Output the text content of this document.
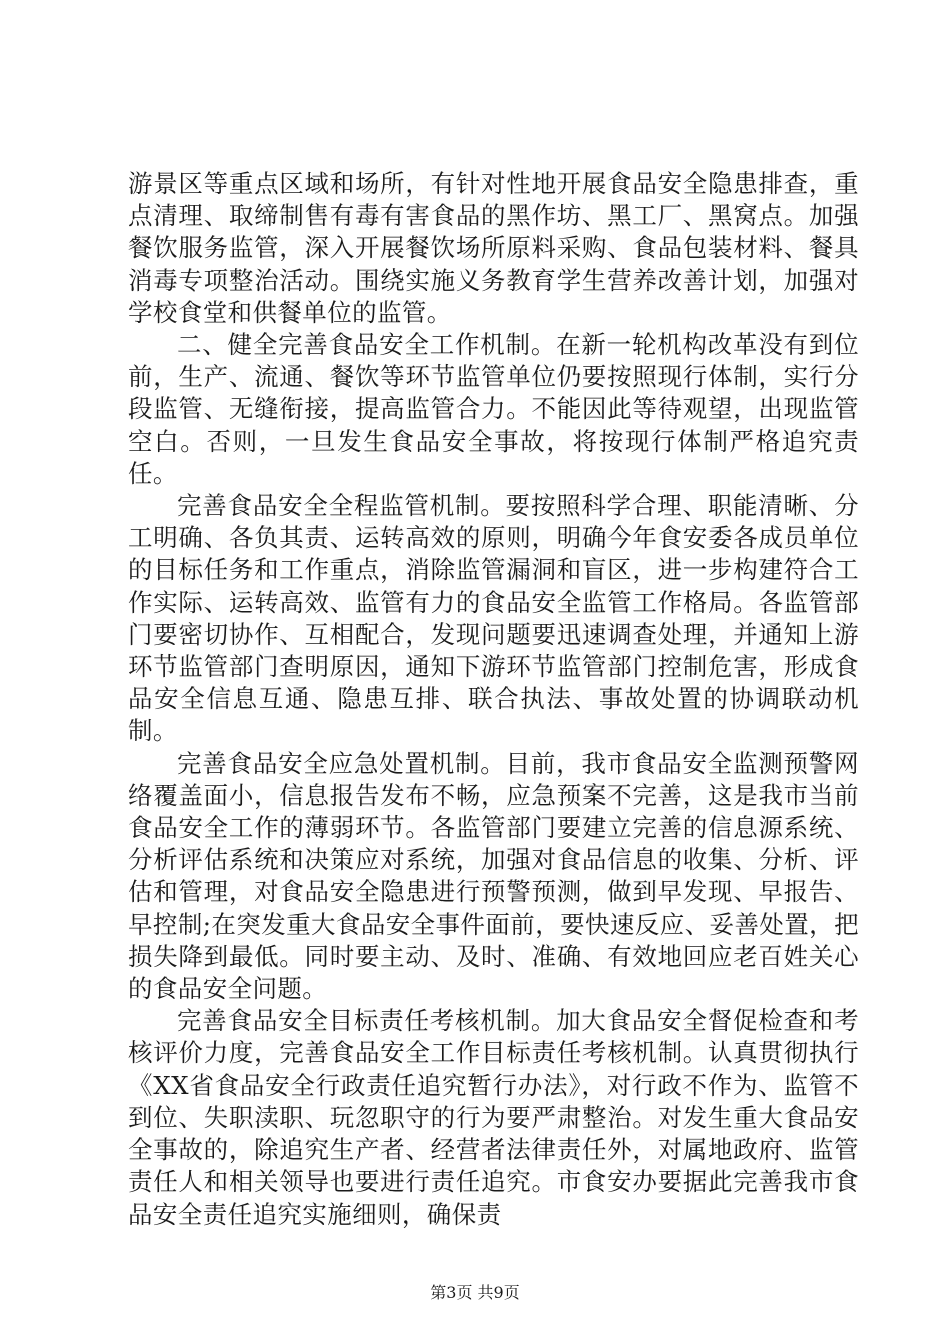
游景区等重点区域和场所，有针对性地开展食品安全隐患排查，重点清理、取缔制售有毒有害食品的黑作坊、黑工厂、黑窝点。加强餐饮服务监管，深入开展餐饮场所原料采购、食品包装材料、餐具消毒专项整治活动。围绕实施义务教育学生营养改善计划，加强对学校食堂和供餐单位的监管。

二、健全完善食品安全工作机制。在新一轮机构改革没有到位前，生产、流通、餐饮等环节监管单位仍要按照现行体制，实行分段监管、无缝衔接，提高监管合力。不能因此等待观望，出现监管空白。否则，一旦发生食品安全事故，将按现行体制严格追究责任。

完善食品安全全程监管机制。要按照科学合理、职能清晰、分工明确、各负其责、运转高效的原则，明确今年食安委各成员单位的目标任务和工作重点，消除监管漏洞和盲区，进一步构建符合工作实际、运转高效、监管有力的食品安全监管工作格局。各监管部门要密切协作、互相配合，发现问题要迅速调查处理，并通知上游环节监管部门查明原因，通知下游环节监管部门控制危害，形成食品安全信息互通、隐患互排、联合执法、事故处置的协调联动机制。

完善食品安全应急处置机制。目前，我市食品安全监测预警网络覆盖面小，信息报告发布不畅，应急预案不完善，这是我市当前食品安全工作的薄弱环节。各监管部门要建立完善的信息源系统、分析评估系统和决策应对系统，加强对食品信息的收集、分析、评估和管理，对食品安全隐患进行预警预测，做到早发现、早报告、早控制;在突发重大食品安全事件面前，要快速反应、妥善处置，把损失降到最低。同时要主动、及时、准确、有效地回应老百姓关心的食品安全问题。

完善食品安全目标责任考核机制。加大食品安全督促检查和考核评价力度，完善食品安全工作目标责任考核机制。认真贯彻执行《XX省食品安全行政责任追究暂行办法》，对行政不作为、监管不到位、失职渎职、玩忽职守的行为要严肃整治。对发生重大食品安全事故的，除追究生产者、经营者法律责任外，对属地政府、监管责任人和相关领导也要进行责任追究。市食安办要据此完善我市食品安全责任追究实施细则，确保责

第3页 共9页
